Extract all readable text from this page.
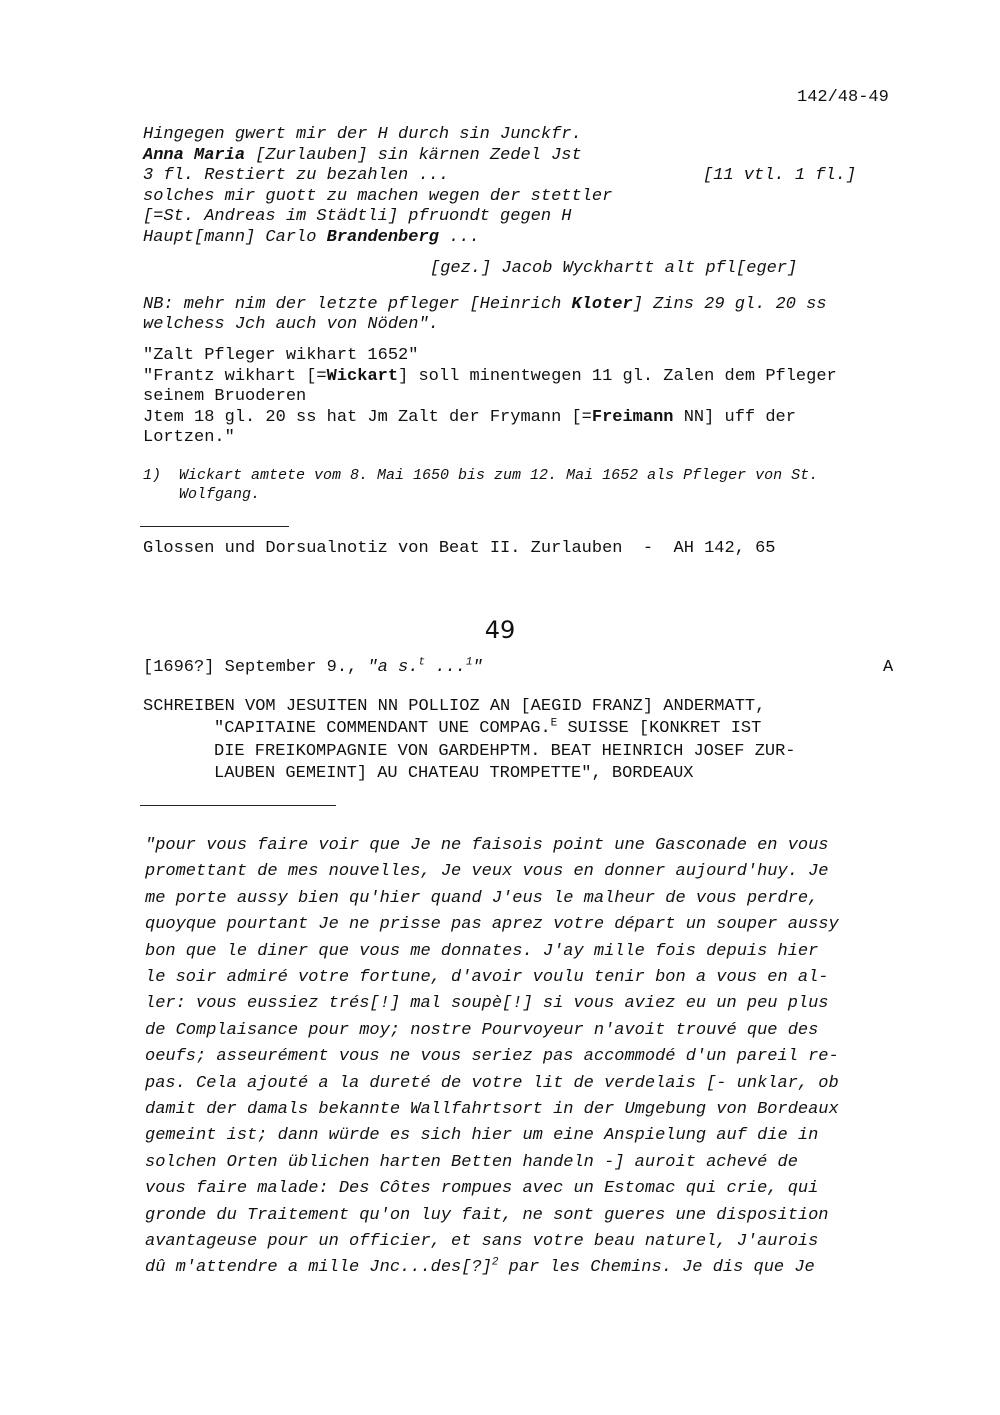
142/48-49
Hingegen gwert mir der H durch sin Junckfr.
Anna Maria [Zurlauben] sin kärnen Zedel Jst
3 fl. Restiert zu bezahlen ...	[11 vtl. 1 fl.]
solches mir guott zu machen wegen der stettler
[=St. Andreas im Städtli] pfruondt gegen H
Haupt[mann] Carlo Brandenberg ...
[gez.] Jacob Wyckhartt alt pfl[eger]
NB: mehr nim der letzte pfleger [Heinrich Kloter] Zins 29 gl. 20 ss
welchess Jch auch von Nöden".
"Zalt Pfleger wikhart 1652"
"Frantz wikhart [=Wickart] soll minentwegen 11 gl. Zalen dem Pfleger
seinem Bruoderen
Jtem 18 gl. 20 ss hat Jm Zalt der Frymann [=Freimann NN] uff der
Lortzen."
1) Wickart amtete vom 8. Mai 1650 bis zum 12. Mai 1652 als Pfleger von St.
Wolfgang.
Glossen und Dorsualnotiz von Beat II. Zurlauben  -  AH 142, 65
49
[1696?] September 9., "a s.$^t$ ...$^1$"	A
SCHREIBEN VOM JESUITEN NN POLLIOZ AN [AEGID FRANZ] ANDERMATT,
"CAPITAINE COMMENDANT UNE COMPAG.$^E$ SUISSE [KONKRET IST
DIE FREIKOMPAGNIE VON GARDEHPTM. BEAT HEINRICH JOSEF ZUR-
LAUBEN GEMEINT] AU CHATEAU TROMPETTE", BORDEAUX
"pour vous faire voir que Je ne faisois point une Gasconade en vous
promettant de mes nouvelles, Je veux vous en donner aujourd'huy. Je
me porte aussy bien qu'hier quand J'eus le malheur de vous perdre,
quoyque pourtant Je ne prisse pas aprez votre départ un souper aussy
bon que le diner que vous me donnates. J'ay mille fois depuis hier
le soir admiré votre fortune, d'avoir voulu tenir bon a vous en al-
ler: vous eussiez trés[!] mal soupè[!] si vous aviez eu un peu plus
de Complaisance pour moy; nostre Pourvoyeur n'avoit trouvé que des
oeufs; asseurément vous ne vous seriez pas accommodé d'un pareil re-
pas. Cela ajouté a la dureté de votre lit de verdelais [- unklar, ob
damit der damals bekannte Wallfahrtsort in der Umgebung von Bordeaux
gemeint ist; dann würde es sich hier um eine Anspielung auf die in
solchen Orten üblichen harten Betten handeln -] auroit achevé de
vous faire malade: Des Côtes rompues avec un Estomac qui crie, qui
gronde du Traitement qu'on luy fait, ne sont gueres une disposition
avantageuse pour un officier, et sans votre beau naturel, J'aurois
dû m'attendre a mille Jnc...des[?]$^2$ par les Chemins. Je dis que Je
